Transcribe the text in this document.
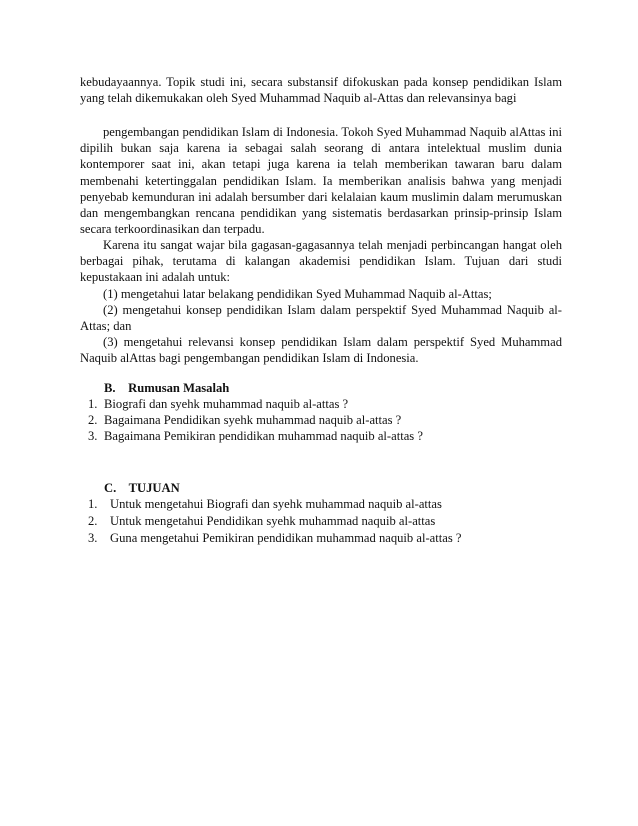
kebudayaannya. Topik studi ini, secara substansif difokuskan pada konsep pendidikan Islam yang telah dikemukakan oleh Syed Muhammad Naquib al-Attas dan relevansinya bagi

pengembangan pendidikan Islam di Indonesia. Tokoh Syed Muhammad Naquib alAttas ini dipilih bukan saja karena ia sebagai salah seorang di antara intelektual muslim dunia kontemporer saat ini, akan tetapi juga karena ia telah memberikan tawaran baru dalam membenahi ketertinggalan pendidikan Islam. Ia memberikan analisis bahwa yang menjadi penyebab kemunduran ini adalah bersumber dari kelalaian kaum muslimin dalam merumuskan dan mengembangkan rencana pendidikan yang sistematis berdasarkan prinsip-prinsip Islam secara terkoordinasikan dan terpadu.

Karena itu sangat wajar bila gagasan-gagasannya telah menjadi perbincangan hangat oleh berbagai pihak, terutama di kalangan akademisi pendidikan Islam. Tujuan dari studi kepustakaan ini adalah untuk:

(1) mengetahui latar belakang pendidikan Syed Muhammad Naquib al-Attas;

(2) mengetahui konsep pendidikan Islam dalam perspektif Syed Muhammad Naquib al-Attas; dan

(3) mengetahui relevansi konsep pendidikan Islam dalam perspektif Syed Muhammad Naquib alAttas bagi pengembangan pendidikan Islam di Indonesia.

B.    Rumusan Masalah
1. Biografi dan syehk muhammad naquib al-attas ?
2. Bagaimana Pendidikan syehk muhammad naquib al-attas ?
3. Bagaimana Pemikiran pendidikan muhammad naquib al-attas ?
C.    TUJUAN
1. Untuk mengetahui Biografi dan syehk muhammad naquib al-attas
2. Untuk mengetahui Pendidikan syehk muhammad naquib al-attas
3. Guna mengetahui Pemikiran pendidikan muhammad naquib al-attas ?
